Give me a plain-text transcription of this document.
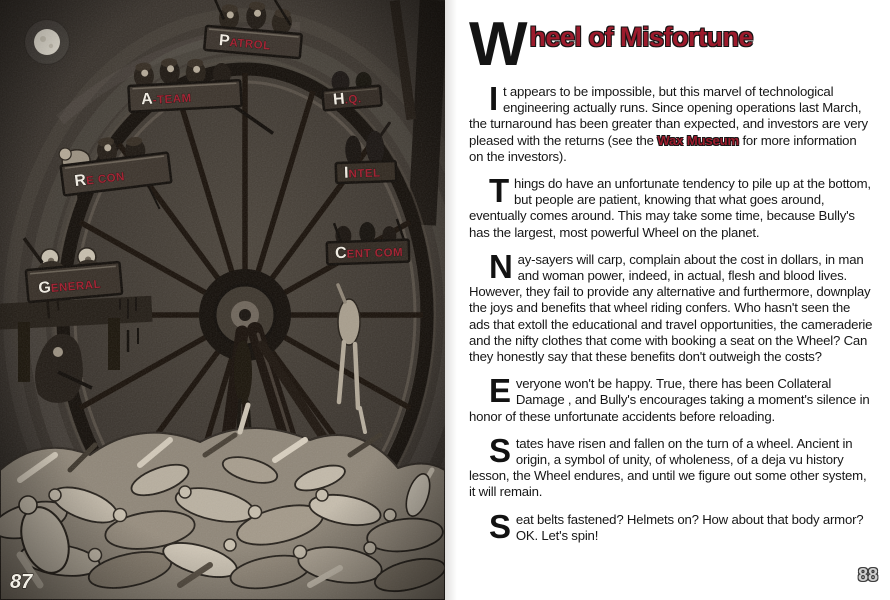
87
W heel of Misfortune
It appears to be impossible, but this marvel of technological engineering actually runs. Since opening operations last March, the turnaround has been greater than expected, and investors are very pleased with the returns (see the Wax Museum for more information on the investors).
Things do have an unfortunate tendency to pile up at the bottom, but people are patient, knowing that what goes around, eventually comes around. This may take some time, because Bully's has the largest, most powerful Wheel on the planet.
Nay-sayers will carp, complain about the cost in dollars, in man and woman power, indeed, in actual, flesh and blood lives. However, they fail to provide any alternative and furthermore, downplay the joys and benefits that wheel riding confers. Who hasn't seen the ads that extoll the educational and travel opportunities, the cameraderie and the nifty clothes that come with booking a seat on the Wheel? Can they honestly say that these benefits don't outweigh the costs?
Everyone won't be happy. True, there has been Collateral Damage , and Bully's encourages taking a moment's silence in honor of these unfortunate accidents before reloading.
States have risen and fallen on the turn of a wheel. Ancient in origin, a symbol of unity, of wholeness, of a deja vu history lesson, the Wheel endures, and until we figure out some other system, it will remain.
Seat belts fastened? Helmets on? How about that body armor? OK. Let's spin!
88
